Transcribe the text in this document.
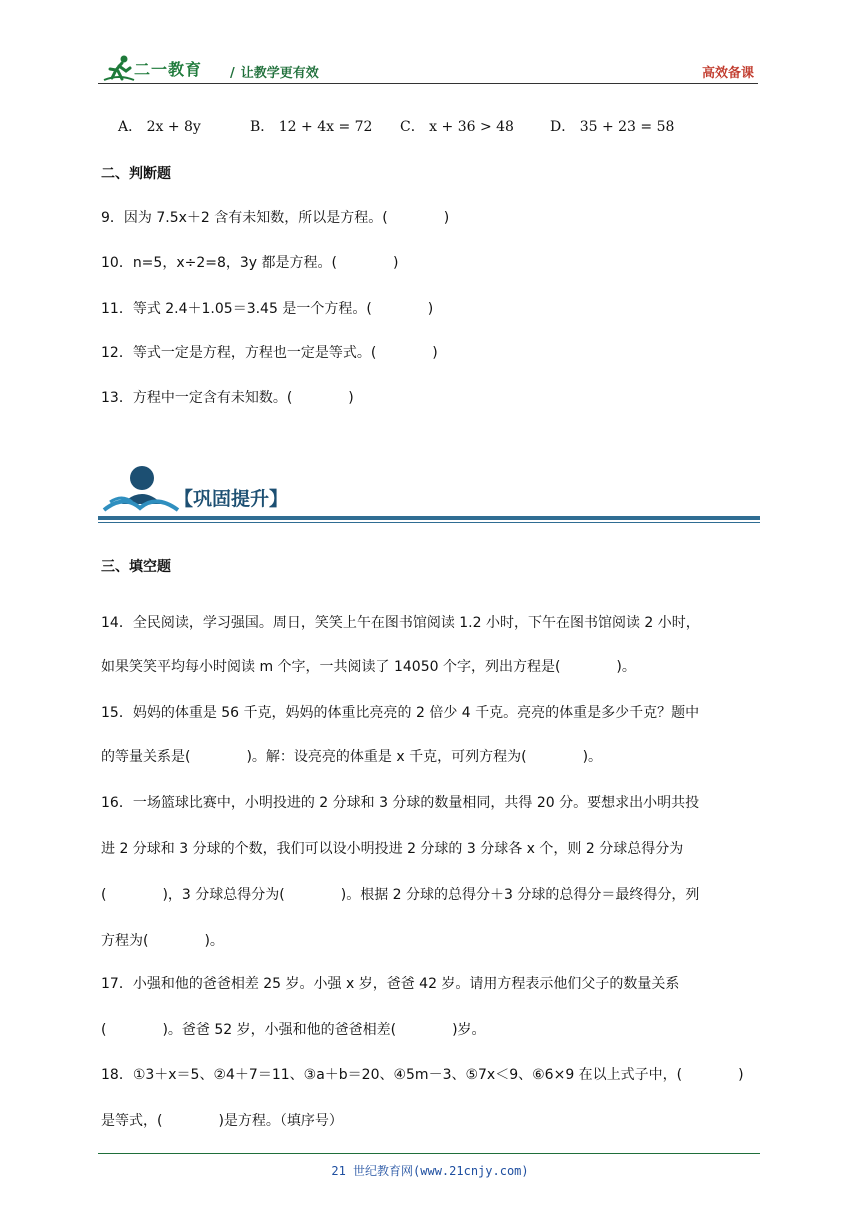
二一教育 / 让教学更有效	高效备课
A． 2x + 8y	B． 12 + 4x = 72 C． x + 36 > 48	D． 35 + 23 = 58
二、判断题
9．因为 7.5x＋2 含有未知数，所以是方程。(　　　　)
10．n=5，x÷2=8，3y 都是方程。(　　　　)
11．等式 2.4＋1.05＝3.45 是一个方程。(　　　　)
12．等式一定是方程，方程也一定是等式。(　　　　)
13．方程中一定含有未知数。(　　　　)
【巩固提升】
三、填空题
14．全民阅读，学习强国。周日，笑笑上午在图书馆阅读 1.2 小时，下午在图书馆阅读 2 小时，
如果笑笑平均每小时阅读 m 个字，一共阅读了 14050 个字，列出方程是(　　　　)。
15．妈妈的体重是 56 千克，妈妈的体重比亮亮的 2 倍少 4 千克。亮亮的体重是多少千克？题中
的等量关系是(　　　　)。解：设亮亮的体重是 x 千克，可列方程为(　　　　)。
16．一场篮球比赛中，小明投进的 2 分球和 3 分球的数量相同，共得 20 分。要想求出小明共投
进 2 分球和 3 分球的个数，我们可以设小明投进 2 分球的 3 分球各 x 个，则 2 分球总得分为
(　　　　)，3 分球总得分为(　　　　)。根据 2 分球的总得分＋3 分球的总得分＝最终得分，列
方程为(　　　　)。
17．小强和他的爸爸相差 25 岁。小强 x 岁，爸爸 42 岁。请用方程表示他们父子的数量关系
(　　　　)。爸爸 52 岁，小强和他的爸爸相差(　　　　)岁。
18．①3＋x＝5、②4＋7＝11、③a＋b＝20、④5m－3、⑤7x＜9、⑥6×9 在以上式子中，(　　　　)
是等式，(　　　　)是方程。（填序号）
21 世纪教育网(www.21cnjy.com)
